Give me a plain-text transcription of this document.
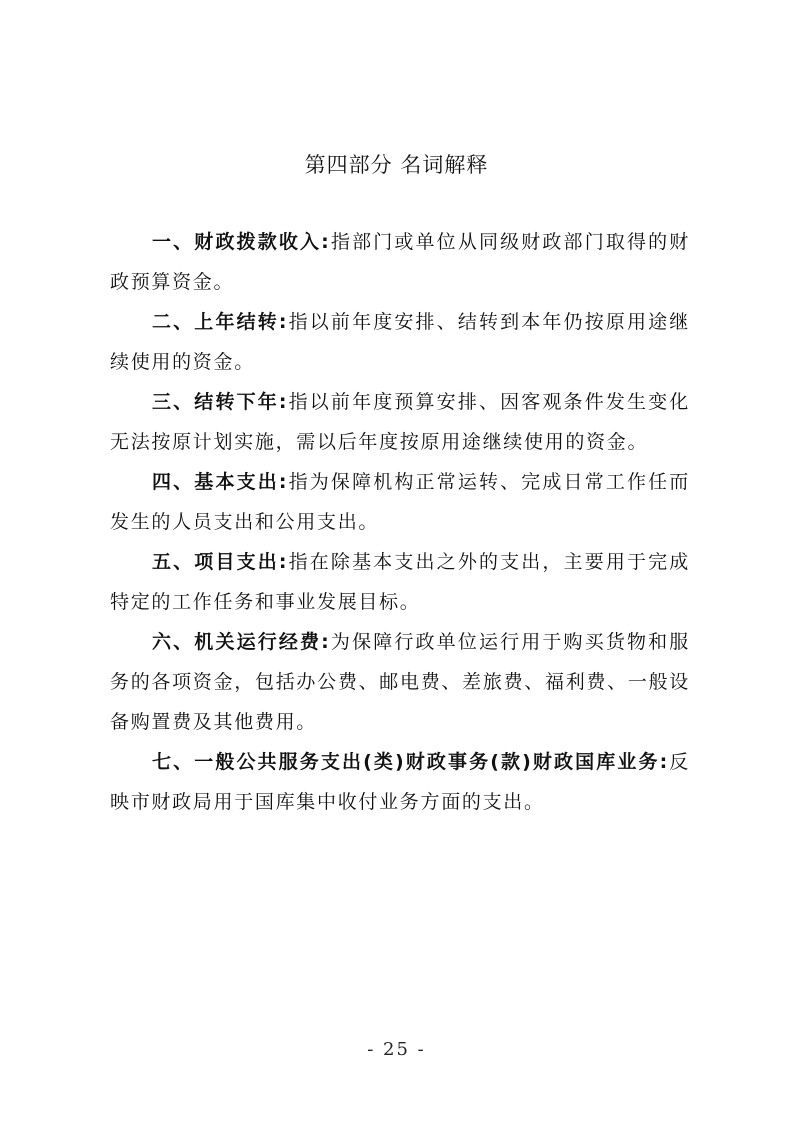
第四部分 名词解释

一、财政拨款收入:指部门或单位从同级财政部门取得的财政预算资金。

二、上年结转:指以前年度安排、结转到本年仍按原用途继续使用的资金。

三、结转下年:指以前年度预算安排、因客观条件发生变化无法按原计划实施，需以后年度按原用途继续使用的资金。

四、基本支出:指为保障机构正常运转、完成日常工作任而发生的人员支出和公用支出。

五、项目支出:指在除基本支出之外的支出，主要用于完成特定的工作任务和事业发展目标。

六、机关运行经费:为保障行政单位运行用于购买货物和服务的各项资金，包括办公费、邮电费、差旅费、福利费、一般设备购置费及其他费用。

七、一般公共服务支出(类)财政事务(款)财政国库业务:反映市财政局用于国库集中收付业务方面的支出。

- 25 -
